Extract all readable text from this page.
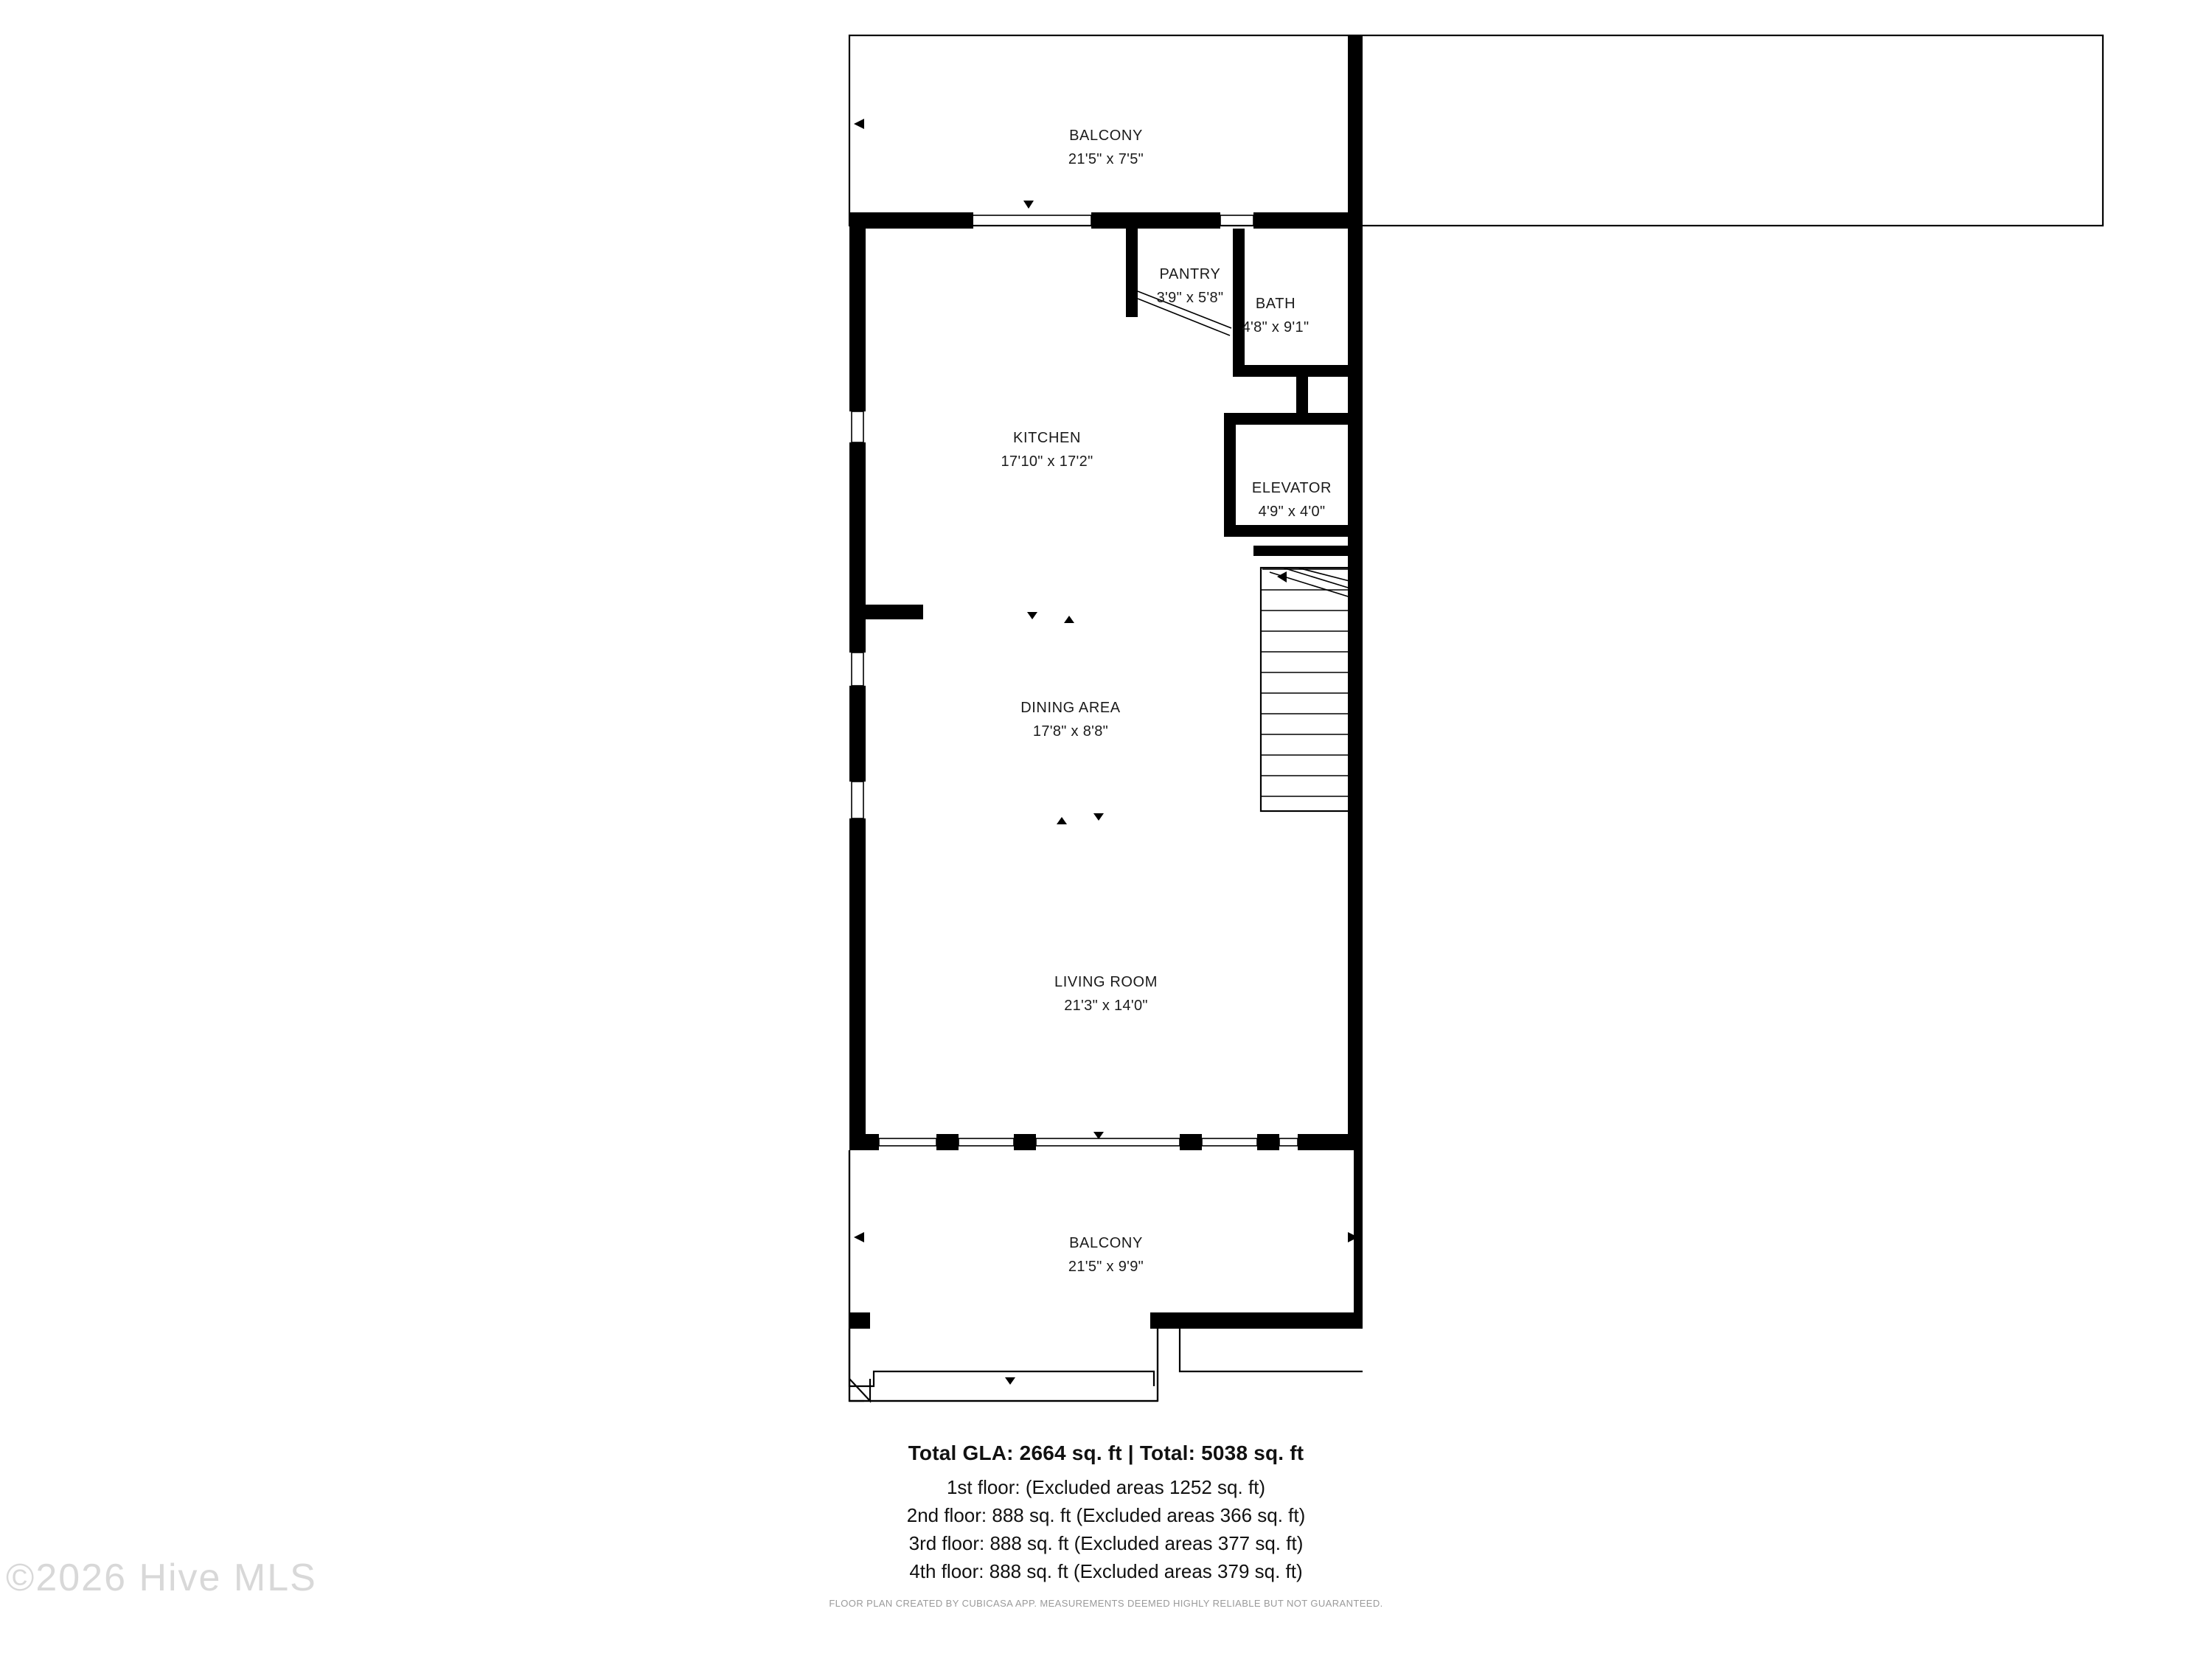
BALCONY
21'5" x 7'5"
PANTRY
3'9" x 5'8" BATH
4'8" x 9'1"
KITCHEN
17'10" x 17'2"
ELEVATOR
4'9" x 4'0"
DINING AREA
17'8" x 8'8"
LIVING ROOM
21'3" x 14'0"
BALCONY
21'5" x 9'9"
Total GLA: 2664 sq. ft | Total: 5038 sq. ft
1st floor: (Excluded areas 1252 sq. ft)
2nd floor: 888 sq. ft (Excluded areas 366 sq. ft)
3rd floor: 888 sq. ft (Excluded areas 377 sq. ft)
4th floor: 888 sq. ft (Excluded areas 379 sq. ft)
FLOOR PLAN CREATED BY CUBICASA APP. MEASUREMENTS DEEMED HIGHLY RELIABLE BUT NOT GUARANTEED.
©2026 Hive MLS
